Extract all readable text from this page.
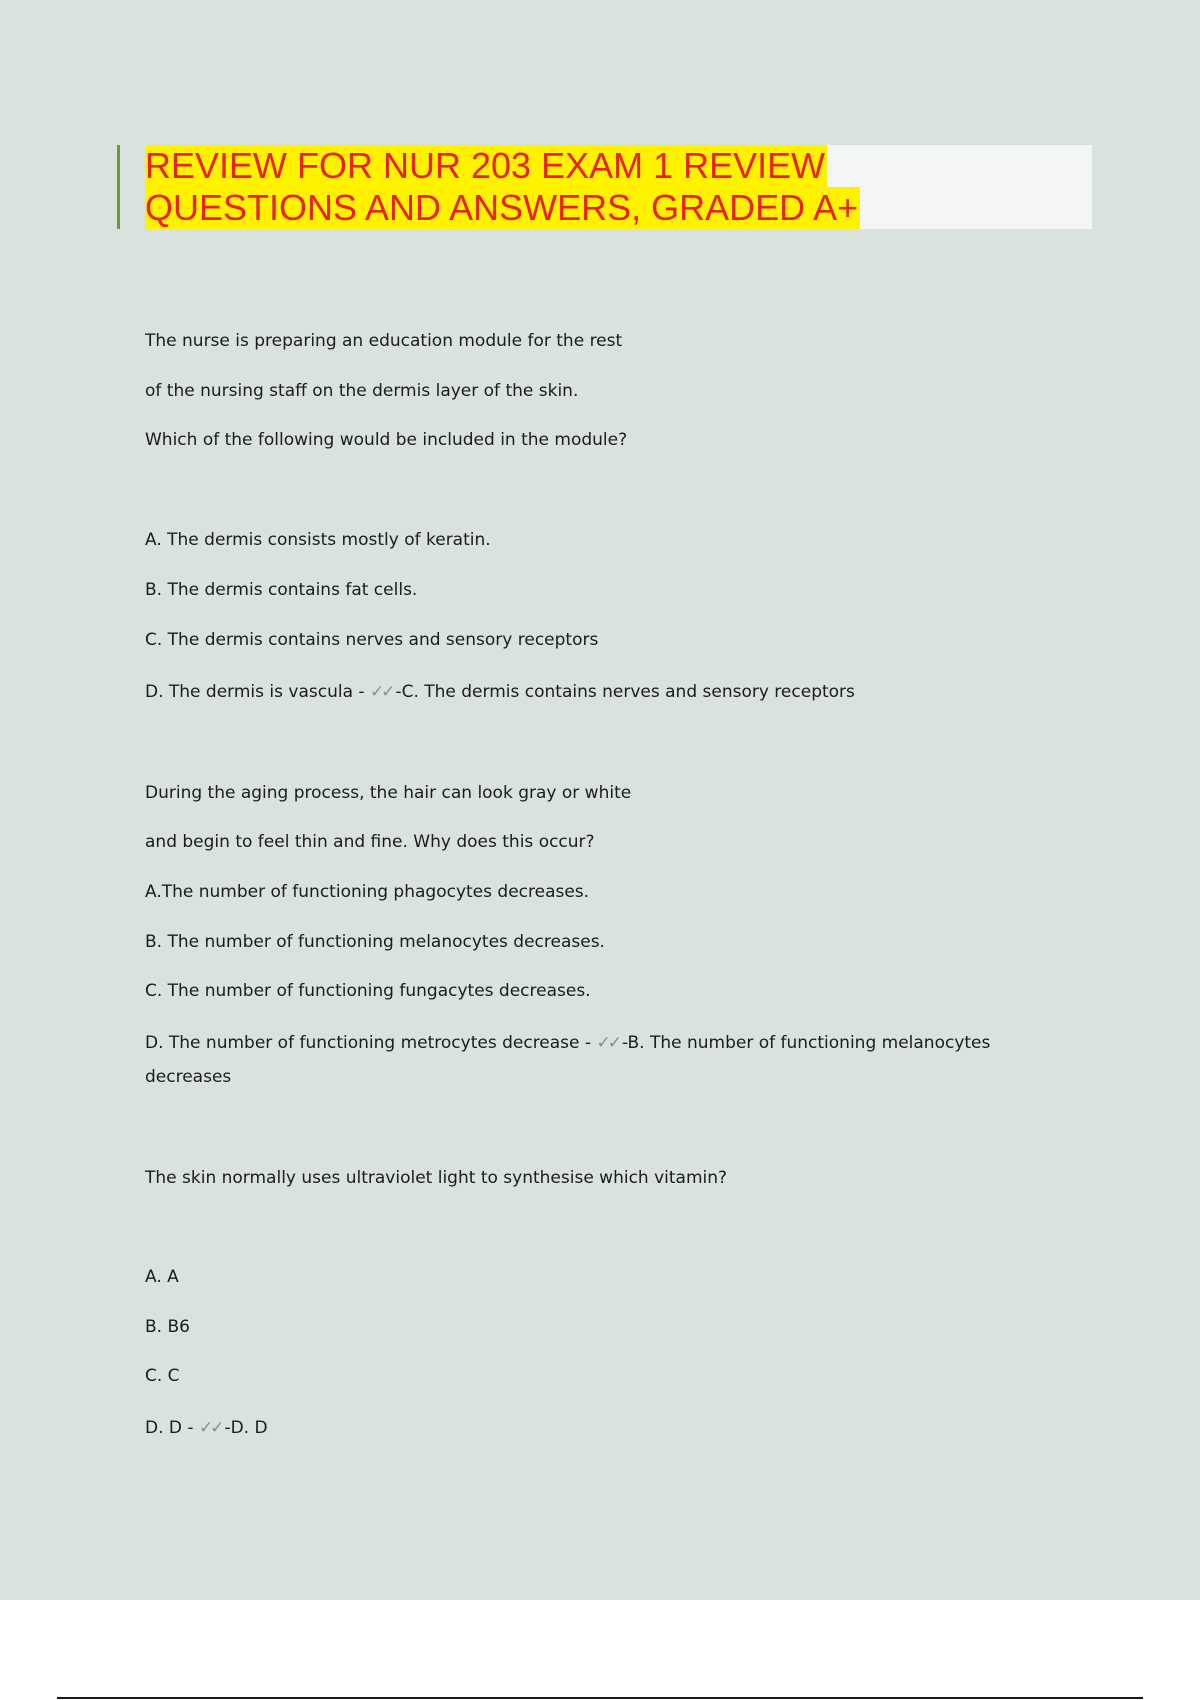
REVIEW FOR NUR 203 EXAM 1 REVIEW
QUESTIONS AND ANSWERS, GRADED A+
The nurse is preparing an education module for the rest
of the nursing staff on the dermis layer of the skin.
Which of the following would be included in the module?
A. The dermis consists mostly of keratin.
B. The dermis contains fat cells.
C. The dermis contains nerves and sensory receptors
D. The dermis is vascula - ✓✓ -C. The dermis contains nerves and sensory receptors
During the aging process, the hair can look gray or white
and begin to feel thin and fine. Why does this occur?
A.The number of functioning phagocytes decreases.
B. The number of functioning melanocytes decreases.
C. The number of functioning fungacytes decreases.
D. The number of functioning metrocytes decrease - ✓✓ -B. The number of functioning melanocytes
decreases
The skin normally uses ultraviolet light to synthesise which vitamin?
A. A
B. B6
C. C
D. D - ✓✓ -D. D
